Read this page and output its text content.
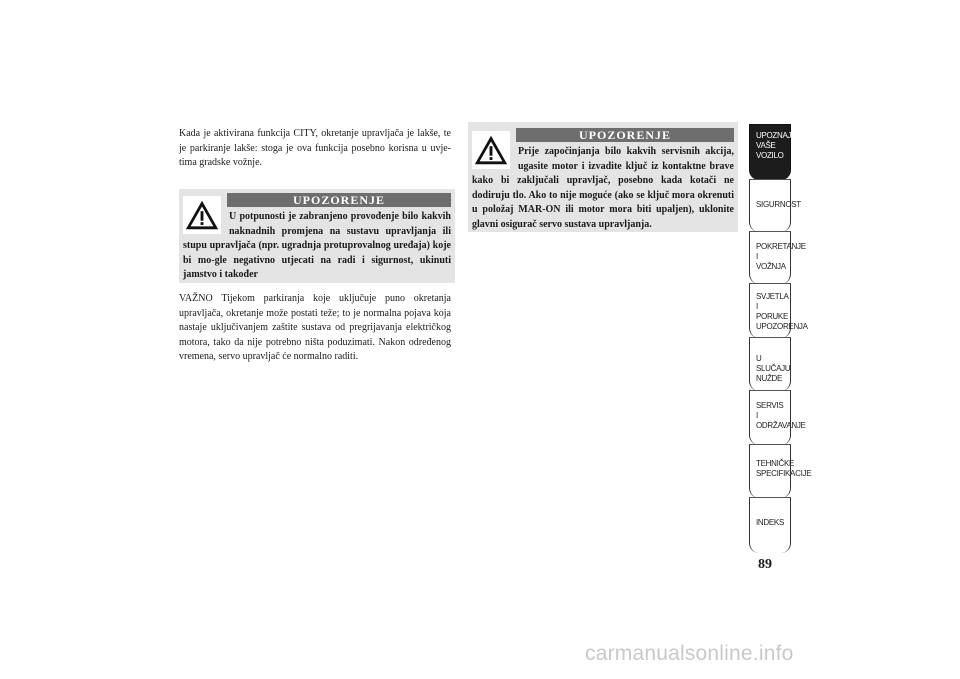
Kada je aktivirana funkcija CITY, okretanje upravljača je lakše, te je parkiranje lakše: stoga je ova funkcija posebno korisna u uvje-tima gradske vožnje.
UPOZORENJE
U potpunosti je zabranjeno provođenje bilo kakvih naknadnih promjena na sustavu upravljanja ili stupu upravljača (npr. ugradnja protuprovalnog uređaja) koje bi mo-gle negativno utjecati na radi i sigurnost, ukinuti jamstvo i također
VAŽNO Tijekom parkiranja koje uključuje puno okretanja upravljača, okretanje može postati teže; to je normalna pojava koja nastaje uključivanjem zaštite sustava od pregrijavanja električkog motora, tako da nije potrebno ništa poduzimati. Nakon određenog vremena, servo upravljač će normalno raditi.
UPOZORENJE
Prije započinjanja bilo kakvih servisnih akcija, ugasite motor i izvadite ključ iz kontaktne brave kako bi zaključali upravljač, posebno kada kotači ne dodiruju tlo. Ako to nije moguće (ako se ključ mora okrenuti u položaj MAR-ON ili motor mora biti upaljen), uklonite glavni osigurač servo sustava upravljanja.
UPOZNAJTE
VAŠE
VOZILO
SIGURNOST
POKRETANJE
I
VOŽNJA
SVJETLA I
PORUKE
UPOZORENJA
U SLUČAJU
NUŽDE
SERVIS
I
ODRŽAVANJE
TEHNIČKE
SPECIFIKACIJE
INDEKS
89
carmanualsonline.info
